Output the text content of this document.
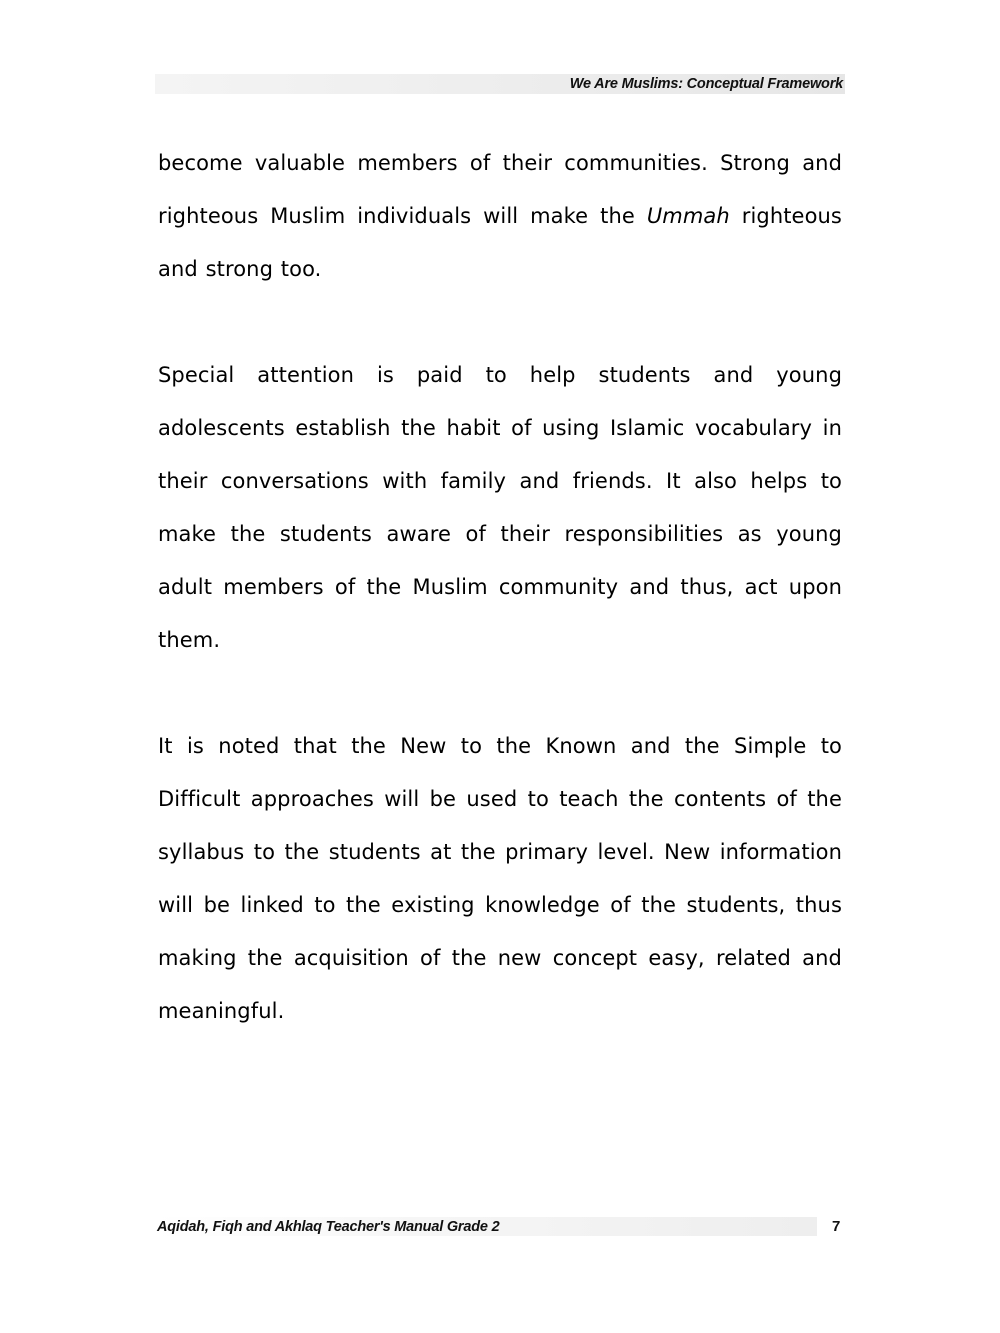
We Are Muslims: Conceptual Framework

become valuable members of their communities. Strong and righteous Muslim individuals will make the Ummah righteous and strong too.

Special attention is paid to help students and young adolescents establish the habit of using Islamic vocabulary in their conversations with family and friends. It also helps to make the students aware of their responsibilities as young adult members of the Muslim community and thus, act upon them.

It is noted that the New to the Known and the Simple to Difficult approaches will be used to teach the contents of the syllabus to the students at the primary level. New information will be linked to the existing knowledge of the students, thus making the acquisition of the new concept easy, related and meaningful.

Aqidah, Fiqh and Akhlaq Teacher's Manual Grade 2	7
